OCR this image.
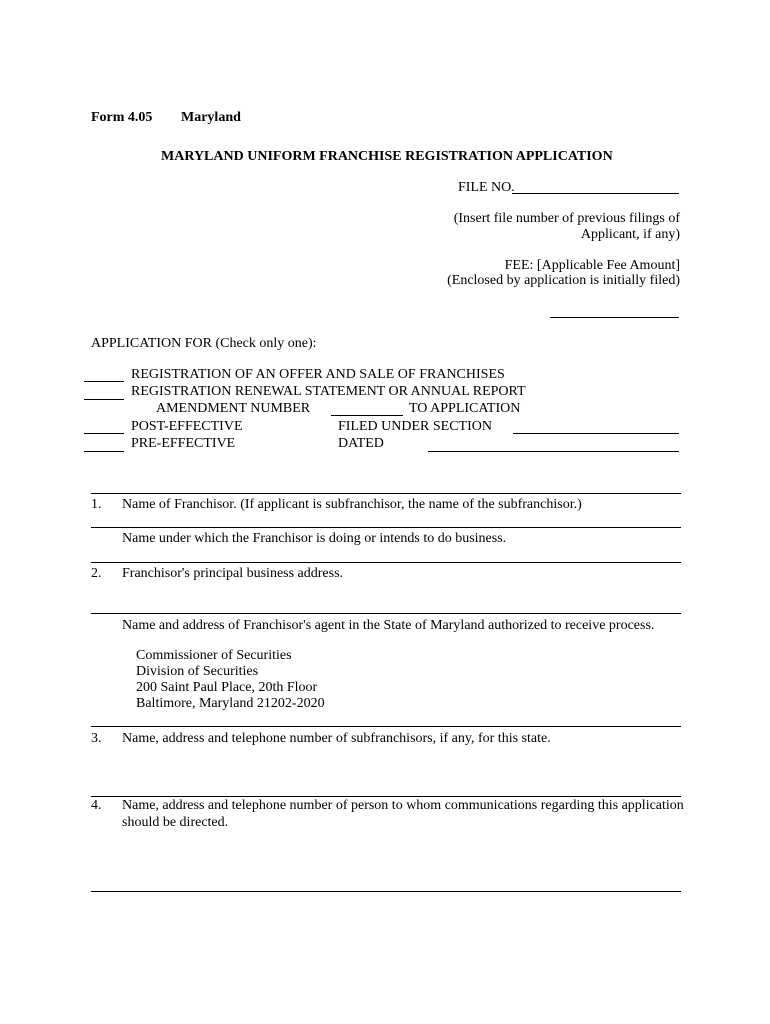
Form 4.05 Maryland
MARYLAND UNIFORM FRANCHISE REGISTRATION APPLICATION
FILE NO.
(Insert file number of previous filings of
Applicant, if any)
FEE: [Applicable Fee Amount]
(Enclosed by application is initially filed)
APPLICATION FOR (Check only one):
REGISTRATION OF AN OFFER AND SALE OF FRANCHISES
REGISTRATION RENEWAL STATEMENT OR ANNUAL REPORT
AMENDMENT NUMBER	TO APPLICATION
POST-EFFECTIVE	FILED UNDER SECTION
PRE-EFFECTIVE	DATED
1. Name of Franchisor. (If applicant is subfranchisor, the name of the subfranchisor.)
Name under which the Franchisor is doing or intends to do business.
2. Franchisor's principal business address.
Name and address of Franchisor's agent in the State of Maryland authorized to receive process.
Commissioner of Securities
Division of Securities
200 Saint Paul Place, 20th Floor
Baltimore, Maryland 21202-2020
3. Name, address and telephone number of subfranchisors, if any, for this state.
4. Name, address and telephone number of person to whom communications regarding this application
should be directed.
